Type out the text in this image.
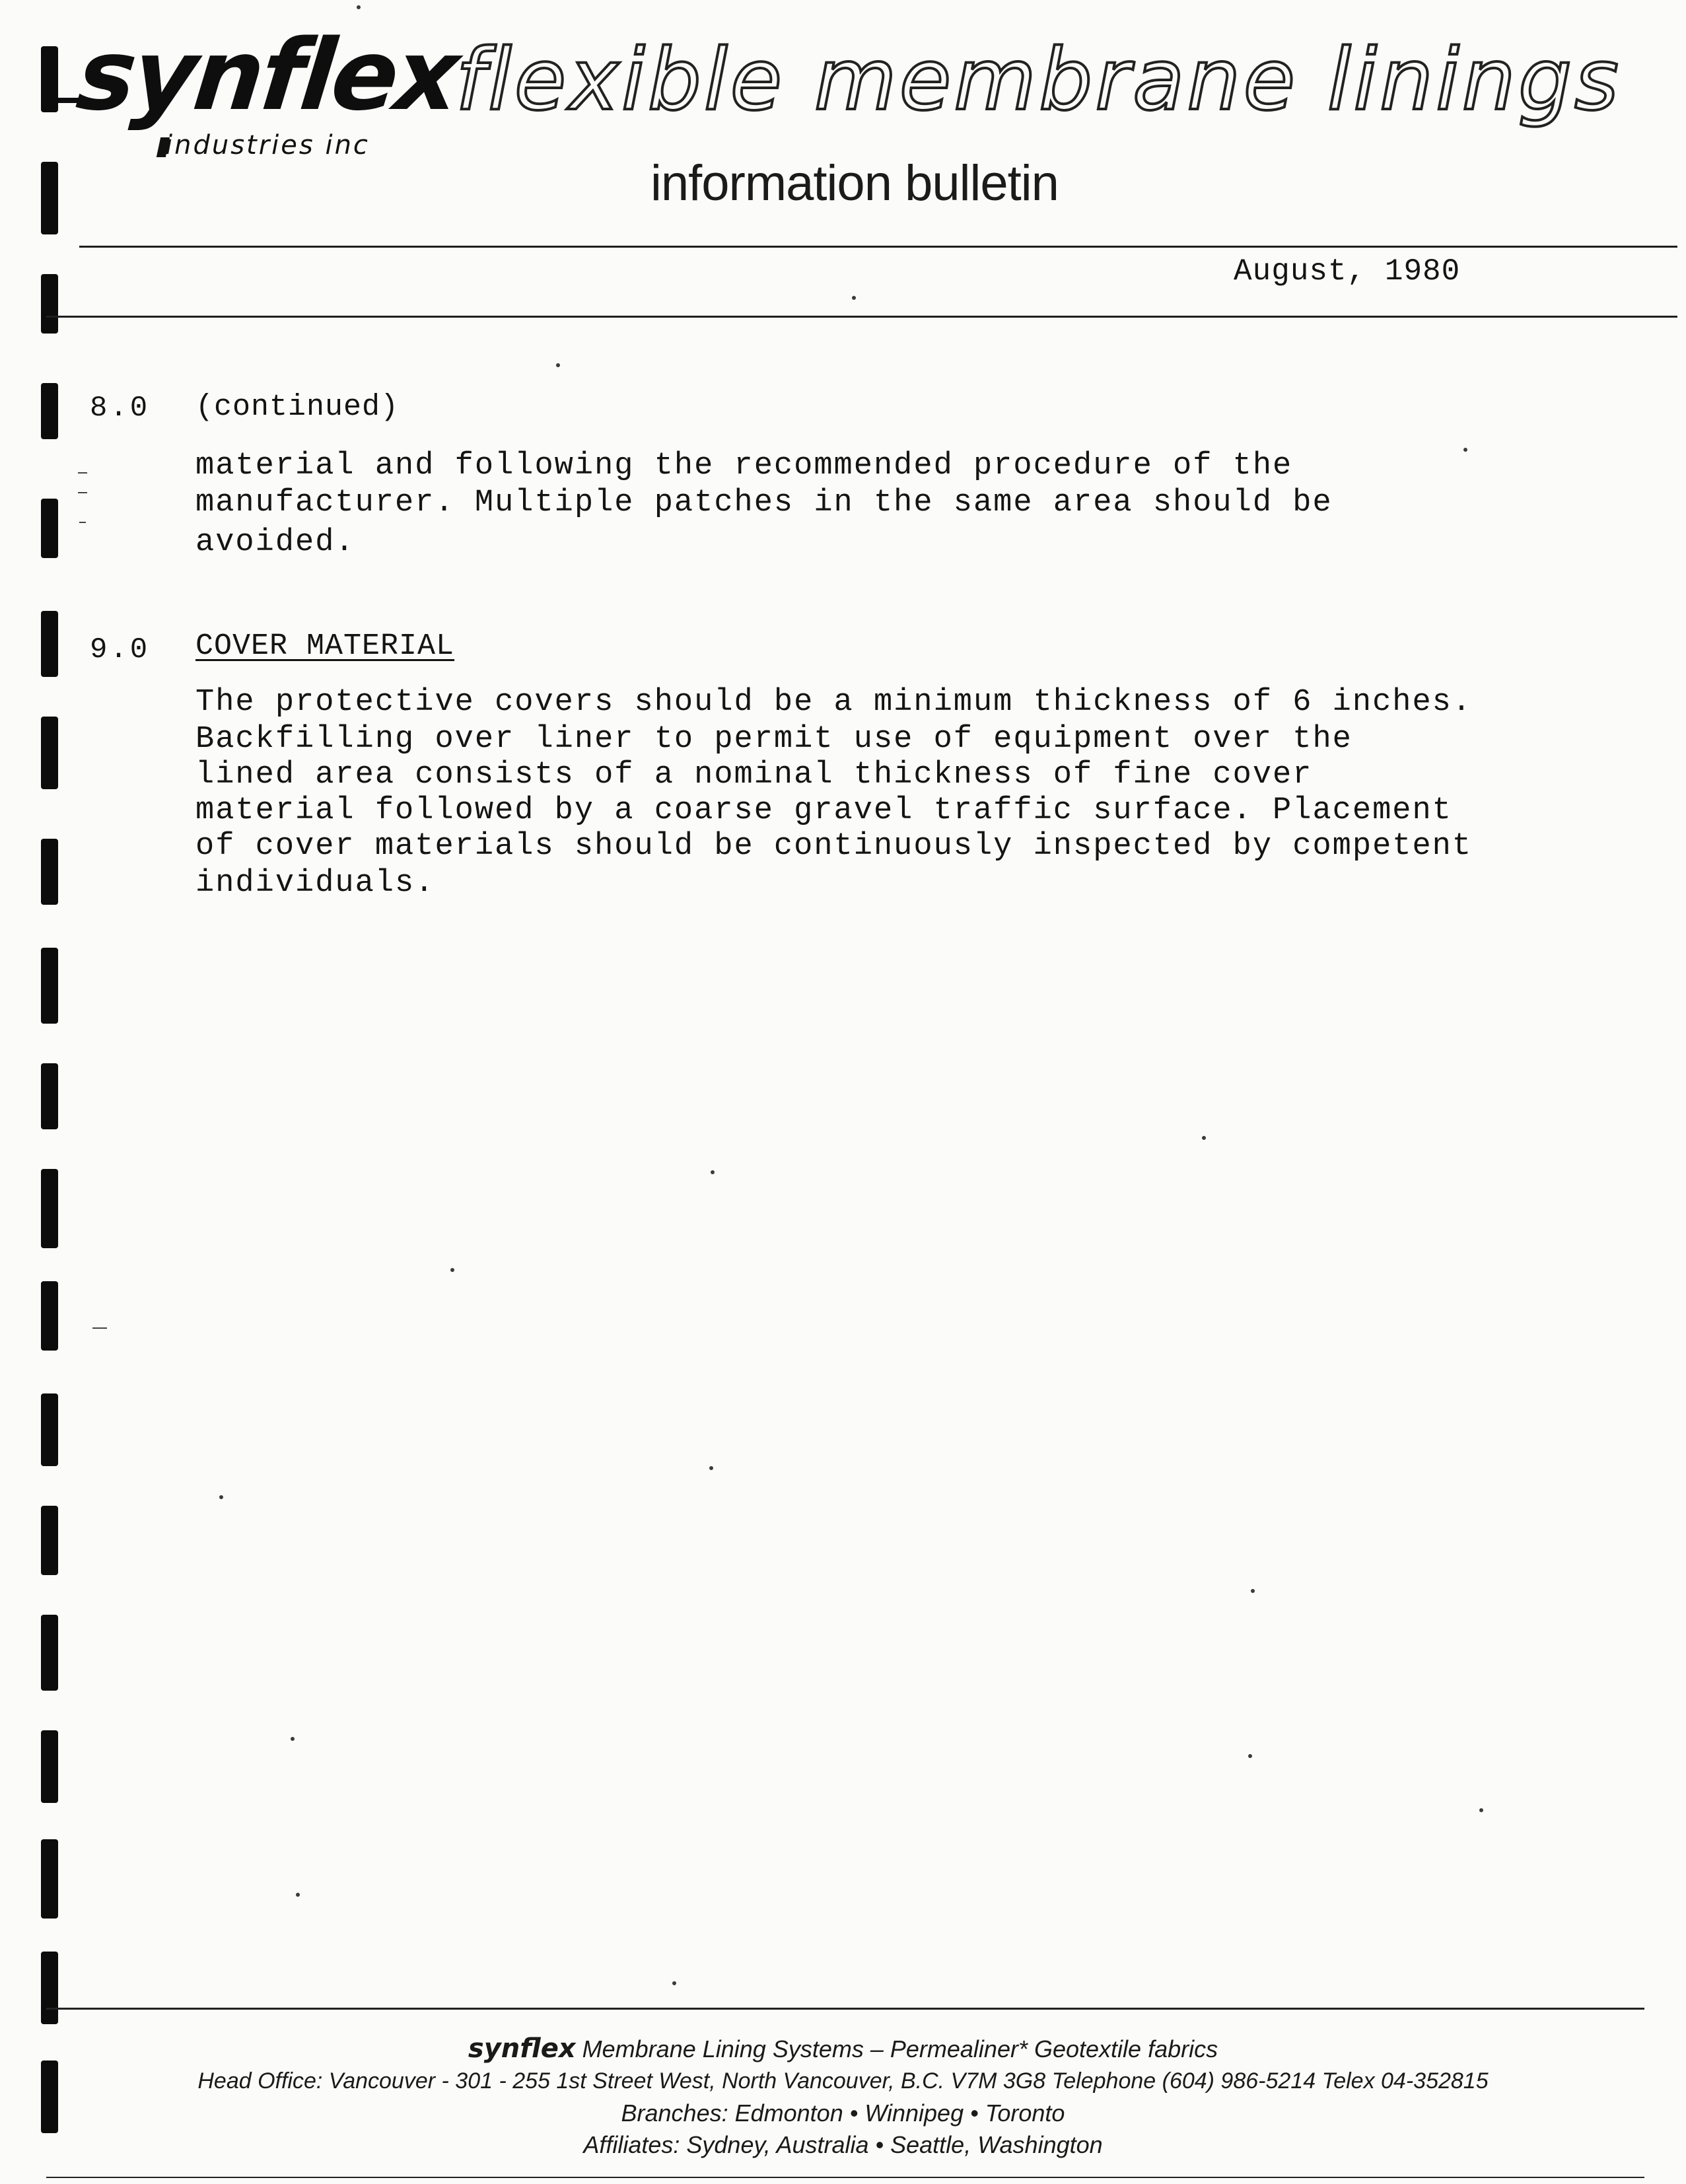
synflex
industries inc
flexible membrane linings
information bulletin
August, 1980
8.0 (continued)
material and following the recommended procedure of the
manufacturer. Multiple patches in the same area should be
avoided.
9.0 COVER MATERIAL
The protective covers should be a minimum thickness of 6 inches.
Backfilling over liner to permit use of equipment over the
lined area consists of a nominal thickness of fine cover
material followed by a coarse gravel traffic surface. Placement
of cover materials should be continuously inspected by competent
individuals.
synflex Membrane Lining Systems – Permealiner* Geotextile fabrics
Head Office: Vancouver - 301 - 255 1st Street West, North Vancouver, B.C. V7M 3G8 Telephone (604) 986-5214 Telex 04-352815
Branches: Edmonton • Winnipeg • Toronto
Affiliates: Sydney, Australia • Seattle, Washington
